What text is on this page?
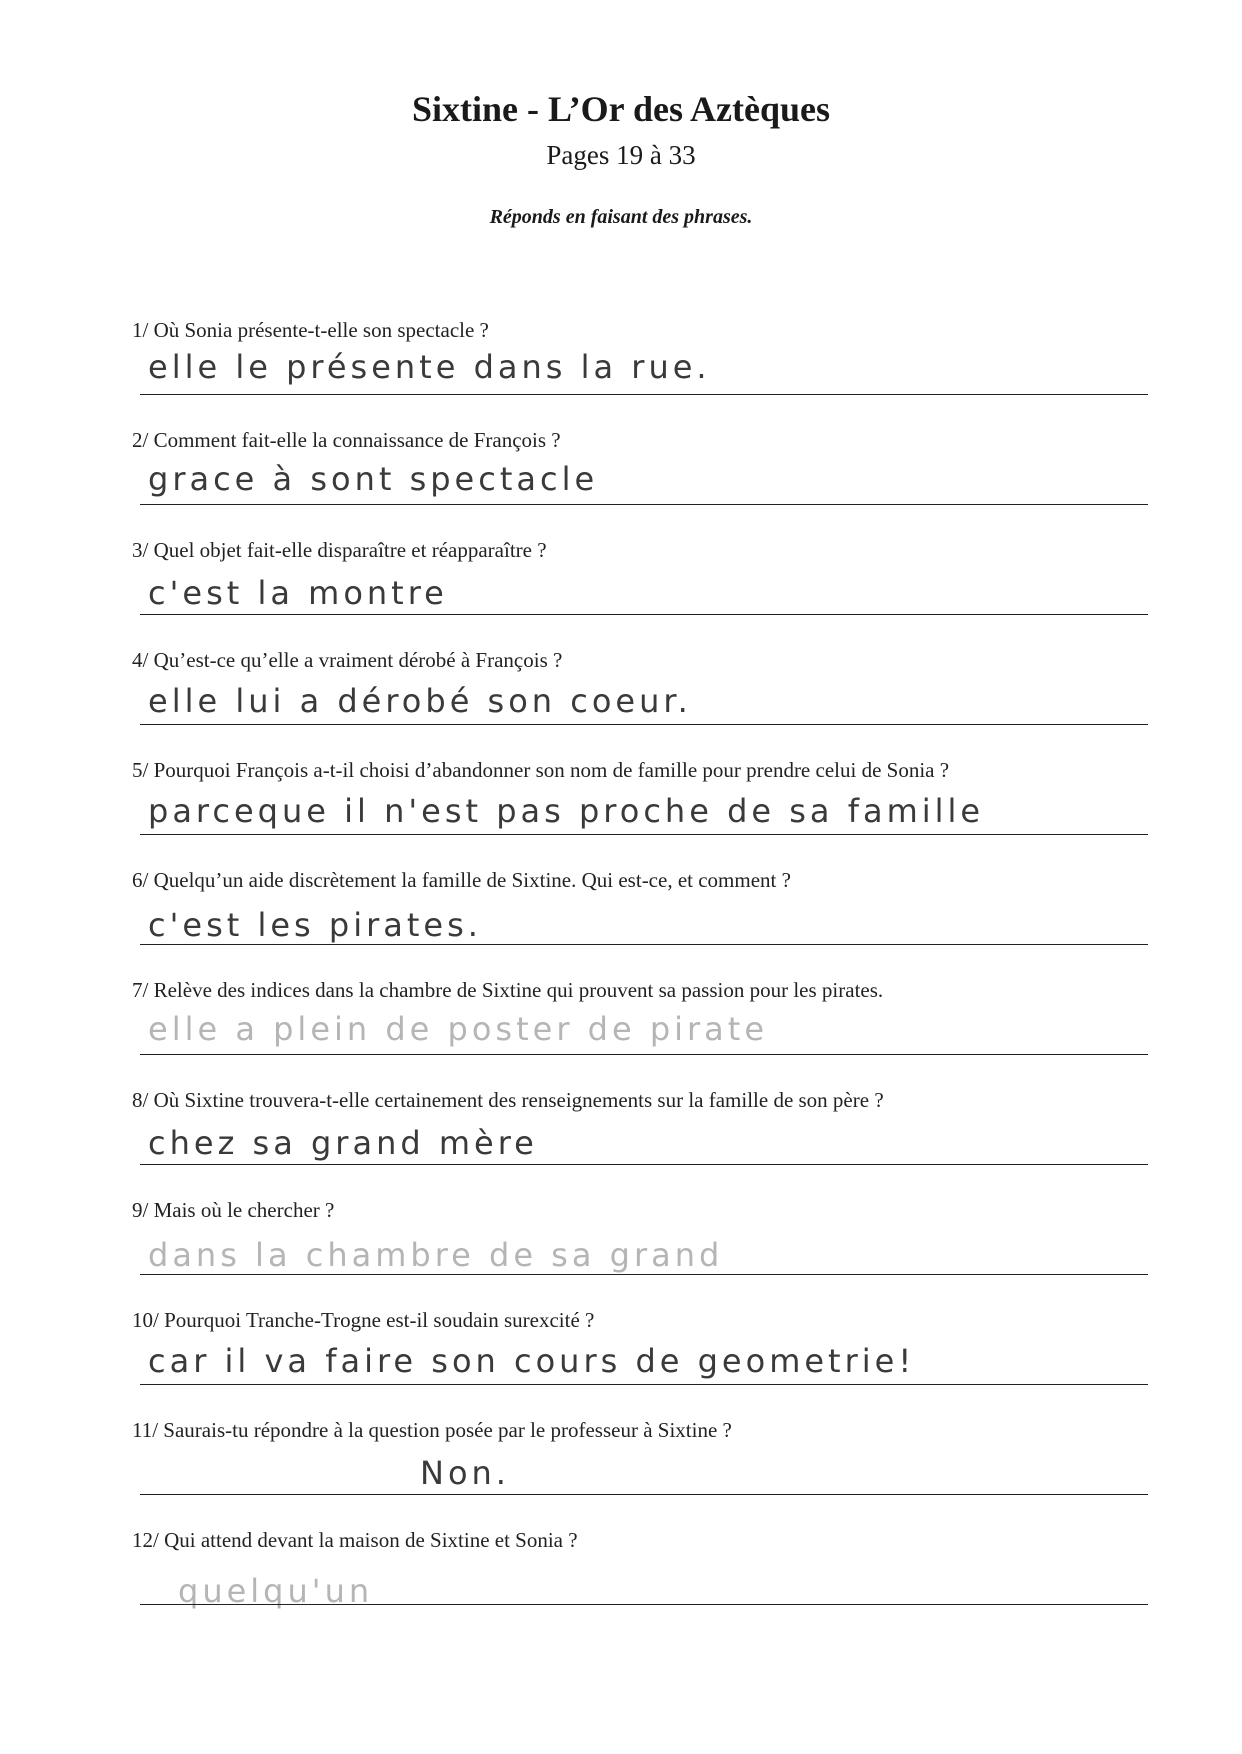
Sixtine - L’Or des Aztèques
Pages 19 à 33
Réponds en faisant des phrases.
1/ Où Sonia présente-t-elle son spectacle ?
elle le présente dans la rue.
2/ Comment fait-elle la connaissance de François ?
grace à sont spectacle
3/ Quel objet fait-elle disparaître et réapparaître ?
c'est la montre
4/ Qu’est-ce qu’elle a vraiment dérobé à François ?
elle lui a dérobé son coeur.
5/ Pourquoi François a-t-il choisi d’abandonner son nom de famille pour prendre celui de Sonia ?
parceque il n'est pas proche de sa famille
6/ Quelqu’un aide discrètement la famille de Sixtine. Qui est-ce, et comment ?
c'est les pirates.
7/ Relève des indices dans la chambre de Sixtine qui prouvent sa passion pour les pirates.
elle a plein de poster de pirate
8/ Où Sixtine trouvera-t-elle certainement des renseignements sur la famille de son père ?
chez sa grand mère
9/ Mais où le chercher ?
dans la chambre de sa grand
10/ Pourquoi Tranche-Trogne est-il soudain surexcité ?
car il va faire son cours de geometrie!
11/ Saurais-tu répondre à la question posée par le professeur à Sixtine ?
Non.
12/ Qui attend devant la maison de Sixtine et Sonia ?
quelqu'un
